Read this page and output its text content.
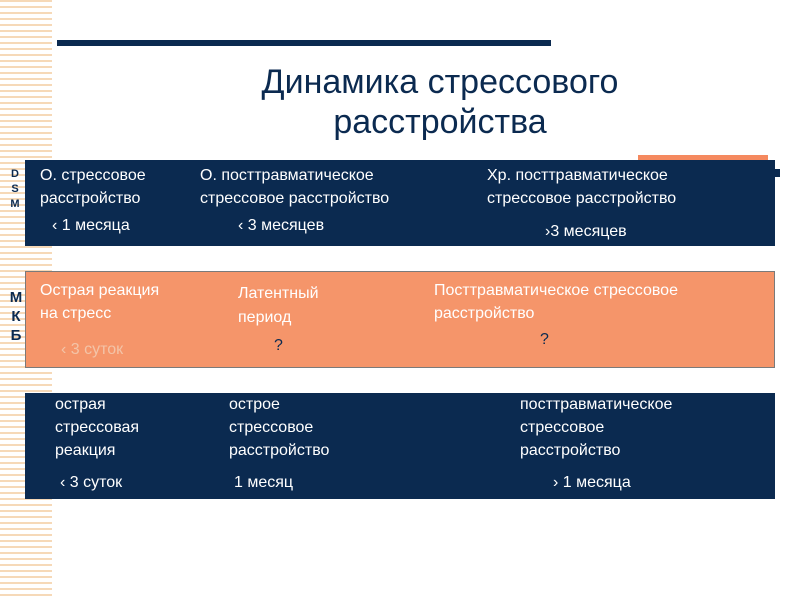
Динамика стрессового
расстройства
D
S
M
М
К
Б
О. стрессовое
расстройство
‹ 1 месяца
О. посттравматическое
стрессовое расстройство
‹ 3 месяцев
Хр. посттравматическое
стрессовое расстройство
›3 месяцев
Острая реакция
на стресс
‹ 3 суток
Латентный
период
?
Посттравматическое стрессовое
расстройство
?
острая
стрессовая
реакция
‹ 3 суток
острое
стрессовое
расстройство
1 месяц
посттравматическое
стрессовое
расстройство
› 1 месяца
